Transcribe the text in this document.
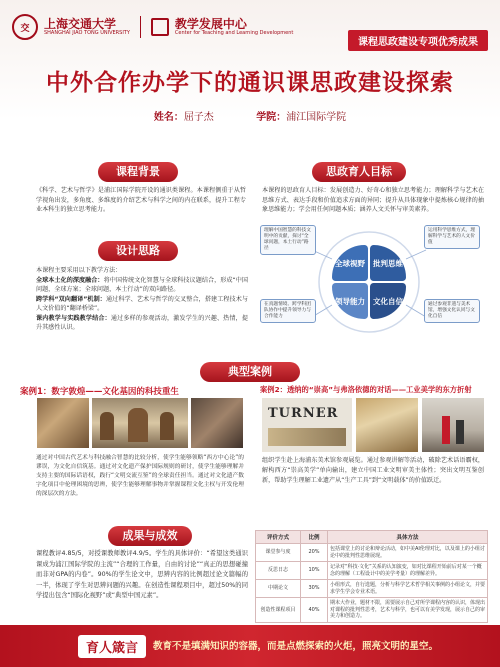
交	上海交通大学
SHANGHAI JIAO TONG UNIVERSITY
教学发展中心
Center for Teaching and Learning Development
课程思政建设专项优秀成果
中外合作办学下的通识课思政建设探索
姓名：屈子杰	学院：浦江国际学院
课程背景
《科学、艺术与哲学》是浦江国际学院开设的通识类课程。本课程侧重于从哲学视角出发，多角度、多维度的介绍艺术与科学之间的内在联系，提升工程专业本科生的独立思考能力。
思政育人目标
本课程的思政育人目标：发展创造力、好奇心和独立思考能力；理解科学与艺术在思维方式、表达手段和价值追求方面的异同；提升从具体现象中提炼核心规律的抽象思维能力；学会用任何问题本质；涵养人文关怀与审美素养。
设计思路
本课程主要采用以下教学方法：
全球本土化的深度融合：将中国传统文化智慧与全球科技议题结合，形成“中国问题，全球方案；全球问题，本土行动”的双向路径。
跨学科“双向翻译”机制：通过科学、艺术与哲学的交叉整合，搭建工程技术与人文价值的“翻译桥梁”。
课内教学与实践教学结合：通过多样的参观活动，激发学生的兴趣、热情，提升其感性认识。
全球视野	批判思维
领导能力	文化自信
理解中国智慧的科技文明中的贡献，探讨“全球问题，本土行动”路径
运用科学思维方式，理解科学与艺术的人文价值
在真题情境、跨学科团队协作中提升领导力与合作能力
通过参观非遗与美术馆，增强文化认同与文化自信
典型案例
案例1：数字敦煌——文化基因的科技重生	案例2：透纳的“崇高”与弗洛依德的对话——工业美学的东方折射
TURNER
通过对中国古代艺术与科技融合智慧的比较分析，使学生能够领略“西方中心论”的谬误，为文化自信筑基。通过对文化遗产保护国际规则的研讨，使学生能够理解并支持主要的国际话语权，践行“文明交流互鉴”的全球责任担当。通过对文化遗产数字化项目中伦理困境的思辨，使学生能够理解事物并掌握课程文化主权与开发伦理的深层次的方法。
组织学生赴上海浦东美术馆参观展览。通过参观讲解等活动，破除艺术话语霸权，解构西方“崇高美学”单向输出，建立中国工业文明审美主体性；突出文明互鉴创新，帮助学生理解工业遗产从“生产工具”到“文明载体”的价值跃迁。
成果与成效
课程教评4.85/5，对授课教师教评4.9/5。学生的具体评价：“希望这类通识课成为浦江国际学院的主流”“合理的工作量，自由的讨论”“真正的思想碰撞而非对GPA的内卷”。90%的学生论文中，思辨内容的比例超过论文篇幅的一半，体现了学生对思辨问题的兴趣。在创造性课程项目中，超过50%的同学提出包含“国际化视野”或“典型中国元素”。
评价方式	比例	具体方法
课堂参与度	20%	包括课堂上的讨论和辩论活动，如中美AI伦理对比，以及课上的小组讨论中的批判性思维展现。
反思日志	10%	记录对“科技·文化”关系的认知演变，如对比课程开始前后对某一个概念的理解（工程设计中的美学考量）的理解差异。
中期论文	30%	小组形式，自行选题，分析与科学艺术哲学相关事例的小组论文，并要求学生学会专业术语。
创造性课程项目	40%	期末大作业，题材不限，需要展示自己对所学课程内容的认识，体现出对课程的批判性思考，艺术与科学，也可以有美学发现，展示自己的审美力和创造力。
育人箴言	教育不是填满知识的容器，而是点燃探索的火炬，照亮文明的星空。
